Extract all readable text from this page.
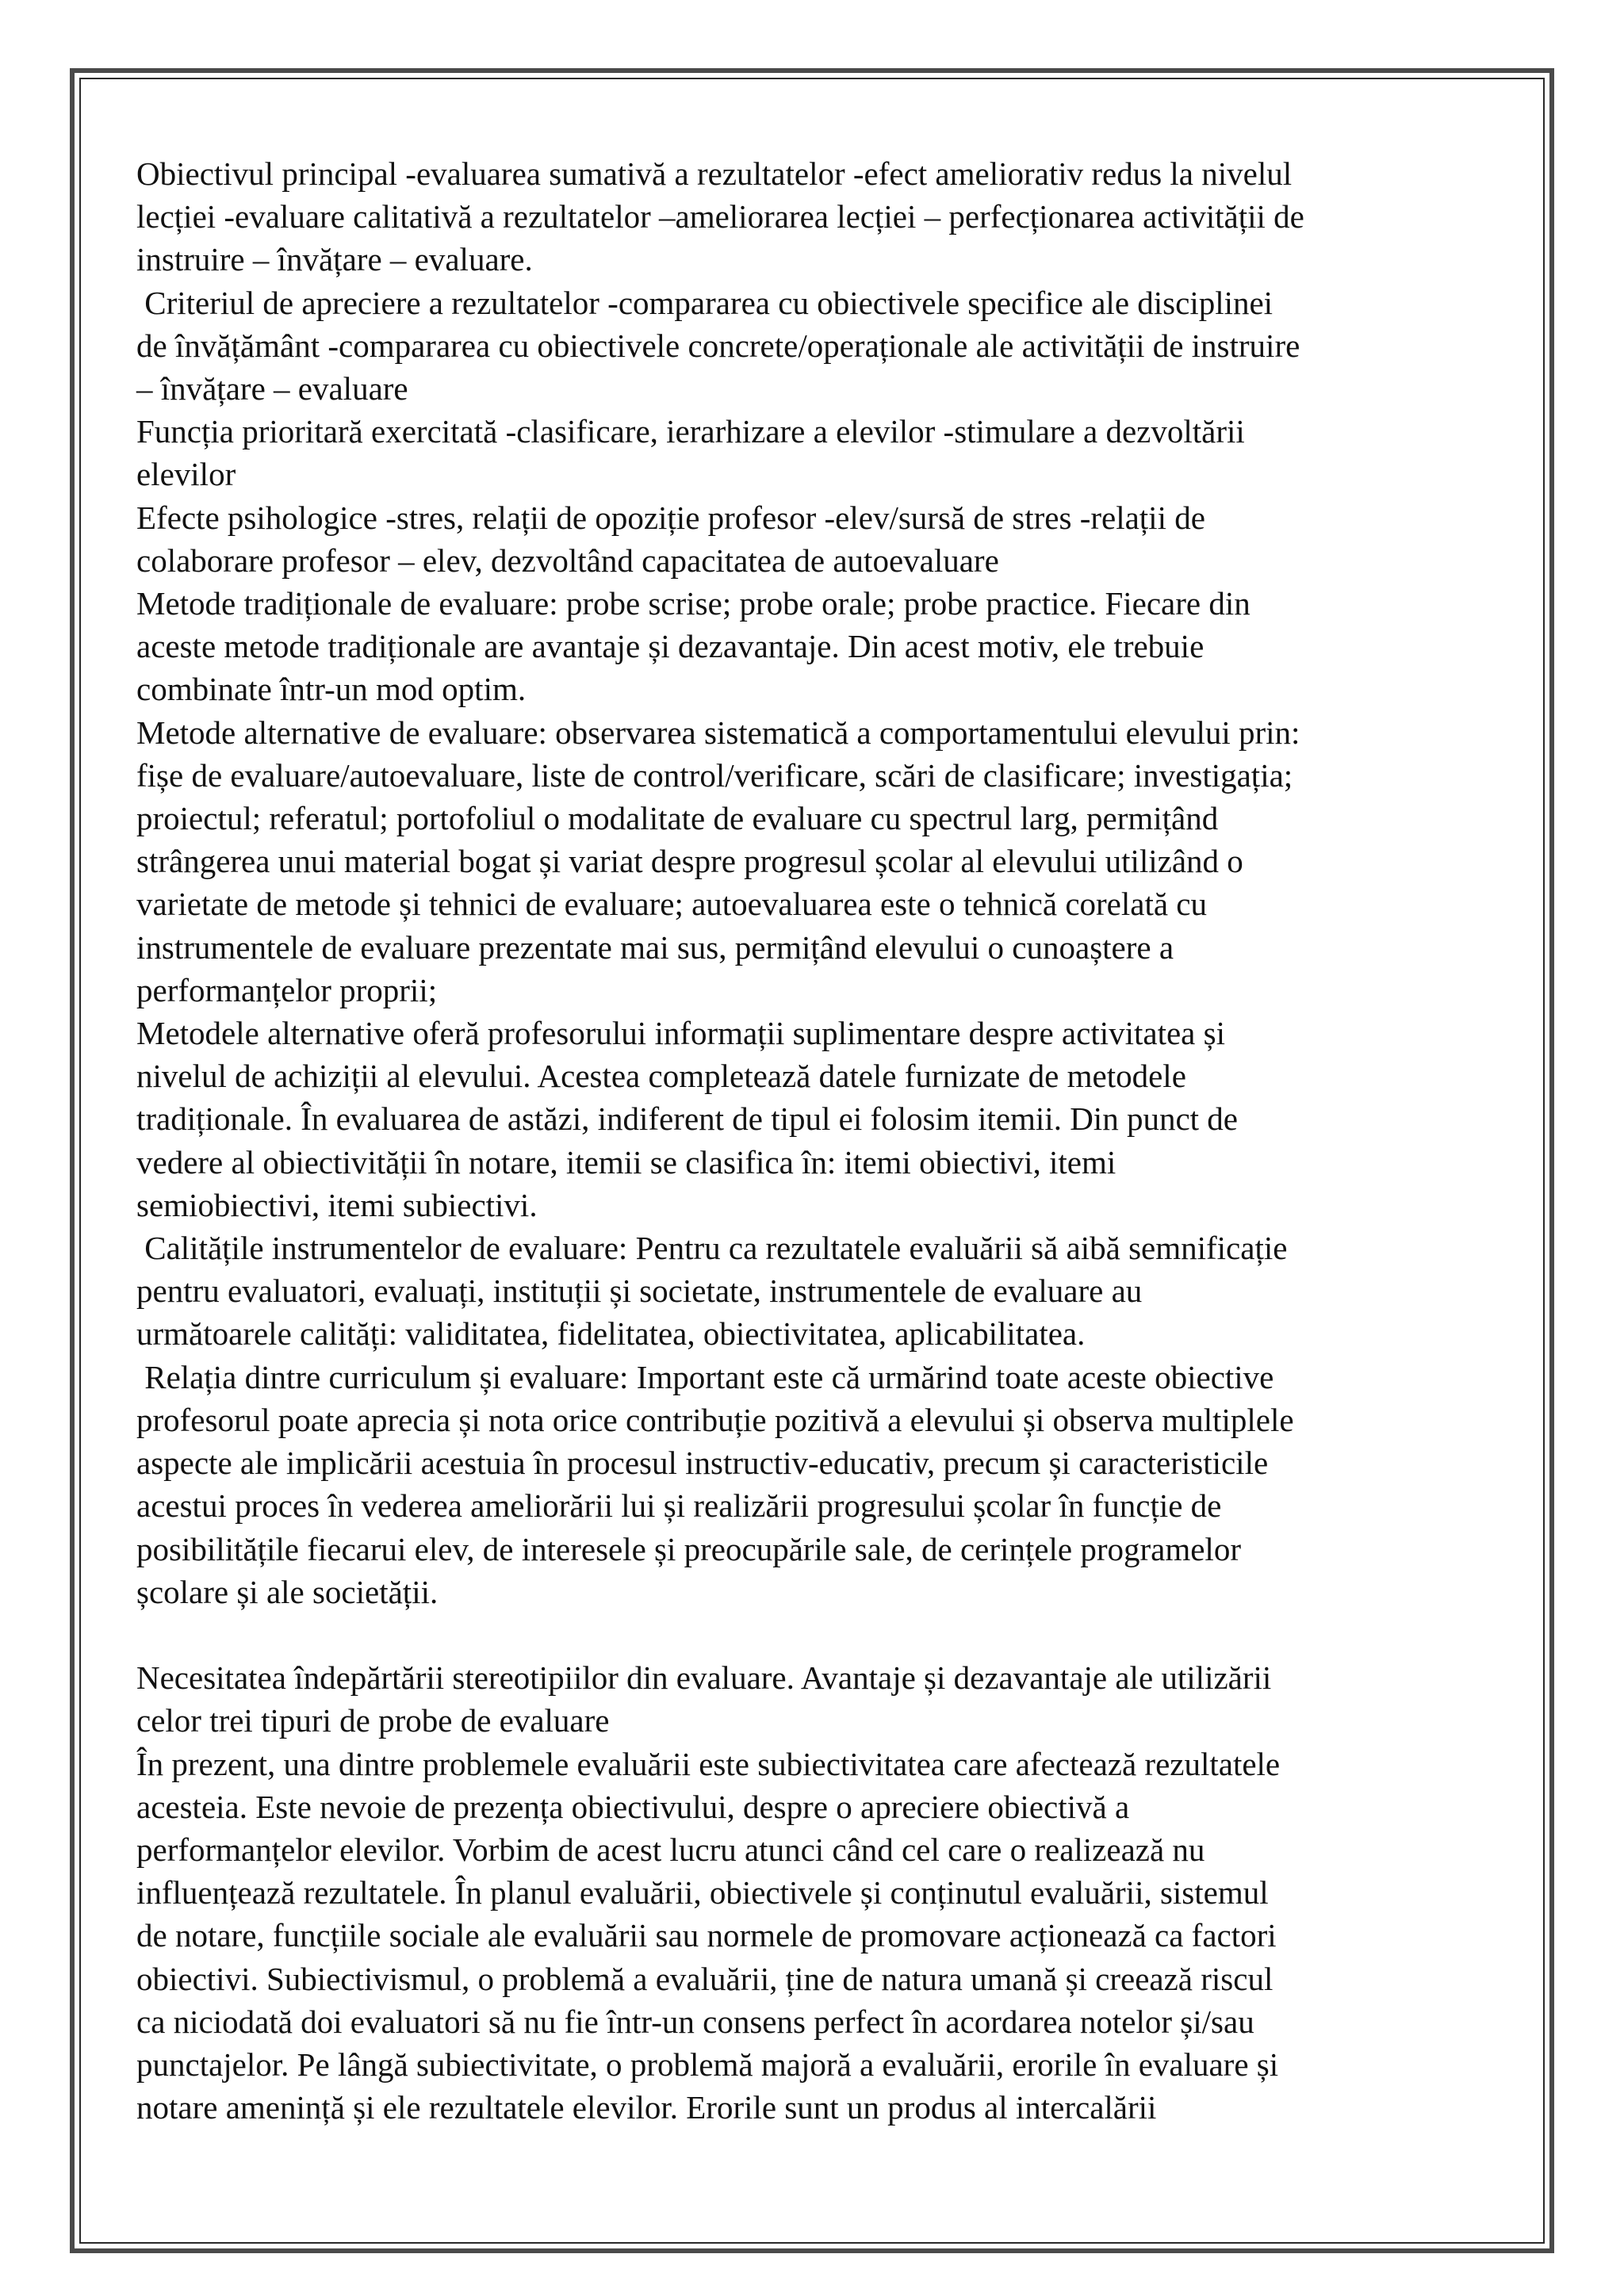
Obiectivul principal -evaluarea sumativă a rezultatelor -efect ameliorativ redus la nivelul
lecției -evaluare calitativă a rezultatelor –ameliorarea lecției – perfecționarea activității de
instruire – învățare – evaluare.
Criteriul de apreciere a rezultatelor -compararea cu obiectivele specifice ale disciplinei
de învățământ -compararea cu obiectivele concrete/operaționale ale activității de instruire
– învățare – evaluare
Funcția prioritară exercitată -clasificare, ierarhizare a elevilor -stimulare a dezvoltării
elevilor
Efecte psihologice -stres, relații de opoziție profesor -elev/sursă de stres -relații de
colaborare profesor – elev, dezvoltând capacitatea de autoevaluare
Metode tradiționale de evaluare: probe scrise; probe orale; probe practice. Fiecare din
aceste metode tradiționale are avantaje și dezavantaje. Din acest motiv, ele trebuie
combinate într-un mod optim.
Metode alternative de evaluare: observarea sistematică a comportamentului elevului prin:
fișe de evaluare/autoevaluare, liste de control/verificare, scări de clasificare; investigația;
proiectul; referatul; portofoliul o modalitate de evaluare cu spectrul larg, permițând
strângerea unui material bogat și variat despre progresul școlar al elevului utilizând o
varietate de metode și tehnici de evaluare; autoevaluarea este o tehnică corelată cu
instrumentele de evaluare prezentate mai sus, permițând elevului o cunoaștere a
performanțelor proprii;
Metodele alternative oferă profesorului informații suplimentare despre activitatea și
nivelul de achiziții al elevului. Acestea completează datele furnizate de metodele
tradiționale. În evaluarea de astăzi, indiferent de tipul ei folosim itemii. Din punct de
vedere al obiectivității în notare, itemii se clasifica în: itemi obiectivi, itemi
semiobiectivi, itemi subiectivi.
Calitățile instrumentelor de evaluare: Pentru ca rezultatele evaluării să aibă semnificație
pentru evaluatori, evaluați, instituții și societate, instrumentele de evaluare au
următoarele calități: validitatea, fidelitatea, obiectivitatea, aplicabilitatea.
Relația dintre curriculum și evaluare: Important este că urmărind toate aceste obiective
profesorul poate aprecia și nota orice contribuție pozitivă a elevului și observa multiplele
aspecte ale implicării acestuia în procesul instructiv-educativ, precum și caracteristicile
acestui proces în vederea ameliorării lui și realizării progresului școlar în funcție de
posibilitățile fiecarui elev, de interesele și preocupările sale, de cerințele programelor
școlare și ale societății.
Necesitatea îndepărtării stereotipiilor din evaluare. Avantaje și dezavantaje ale utilizării
celor trei tipuri de probe de evaluare
În prezent, una dintre problemele evaluării este subiectivitatea care afectează rezultatele
acesteia. Este nevoie de prezența obiectivului, despre o apreciere obiectivă a
performanțelor elevilor. Vorbim de acest lucru atunci când cel care o realizează nu
influențează rezultatele. În planul evaluării, obiectivele și conținutul evaluării, sistemul
de notare, funcțiile sociale ale evaluării sau normele de promovare acționează ca factori
obiectivi. Subiectivismul, o problemă a evaluării, ține de natura umană și creează riscul
ca niciodată doi evaluatori să nu fie într-un consens perfect în acordarea notelor și/sau
punctajelor. Pe lângă subiectivitate, o problemă majoră a evaluării, erorile în evaluare și
notare amenință și ele rezultatele elevilor. Erorile sunt un produs al intercalării
